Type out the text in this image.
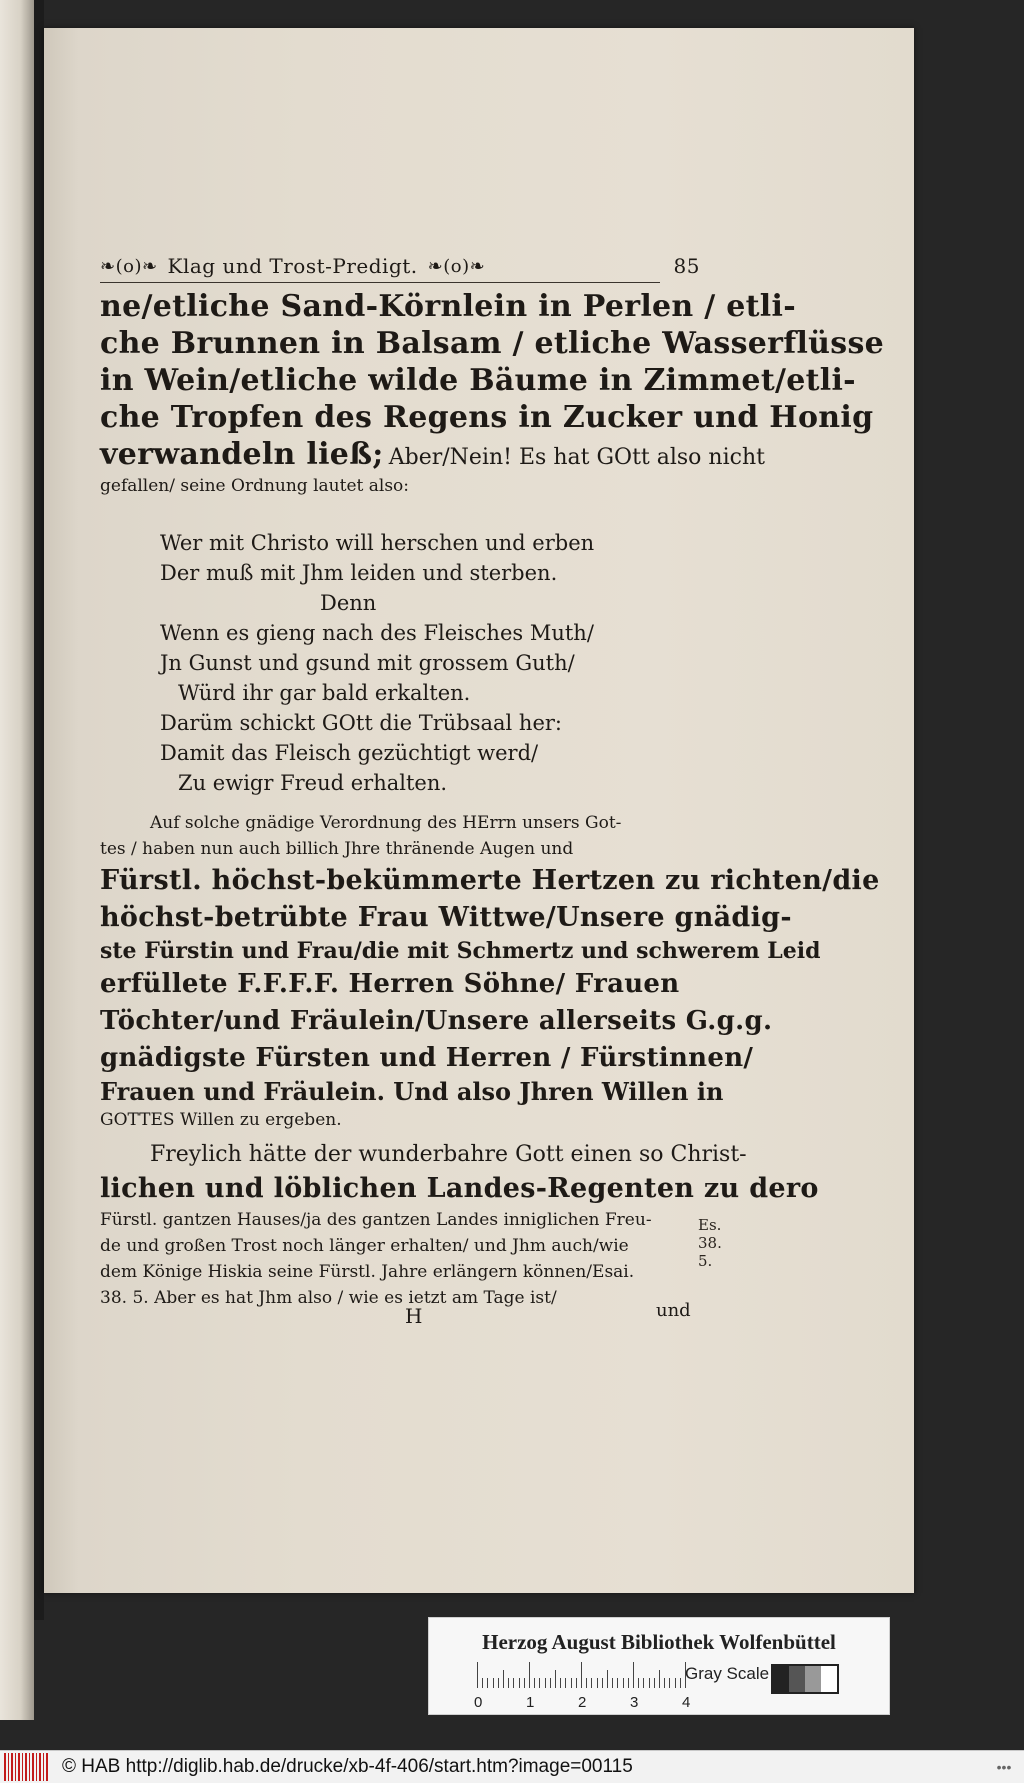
❧(o)❧ Klag und Trost-Predigt. ❧(o)❧	85
ne/etliche Sand-Körnlein in Perlen / etli-
che Brunnen in Balsam / etliche Wasserflüsse
in Wein/etliche wilde Bäume in Zimmet/etli-
che Tropfen des Regens in Zucker und Honig
verwandeln ließ; Aber/Nein! Es hat GOtt also nicht
gefallen/ seine Ordnung lautet also:
Wer mit Christo will herschen und erben
Der muß mit Jhm leiden und sterben.
Denn
Wenn es gieng nach des Fleisches Muth/
Jn Gunst und gsund mit grossem Guth/
Würd ihr gar bald erkalten.
Darüm schickt GOtt die Trübsaal her:
Damit das Fleisch gezüchtigt werd/
Zu ewigr Freud erhalten.
Auf solche gnädige Verordnung des HErrn unsers Got-
tes / haben nun auch billich Jhre thränende Augen und
Fürstl. höchst-bekümmerte Hertzen zu richten/die
höchst-betrübte Frau Wittwe/Unsere gnädig-
ste Fürstin und Frau/die mit Schmertz und schwerem Leid
erfüllete F.F.F.F. Herren Söhne/ Frauen
Töchter/und Fräulein/Unsere allerseits G.g.g.
gnädigste Fürsten und Herren / Fürstinnen/
Frauen und Fräulein. Und also Jhren Willen in
GOTTES Willen zu ergeben.
Freylich hätte der wunderbahre Gott einen so Christ-
lichen und löblichen Landes-Regenten zu dero
Fürstl. gantzen Hauses/ja des gantzen Landes inniglichen Freu-
de und großen Trost noch länger erhalten/ und Jhm auch/wie
dem Könige Hiskia seine Fürstl. Jahre erlängern können/Esai.
38. 5. Aber es hat Jhm also / wie es ietzt am Tage ist/
Es. 38. 5.
H	und
Herzog August Bibliothek Wolfenbüttel
0	1	2	3	4
Gray Scale
© HAB http://diglib.hab.de/drucke/xb-4f-406/start.htm?image=00115	•••
